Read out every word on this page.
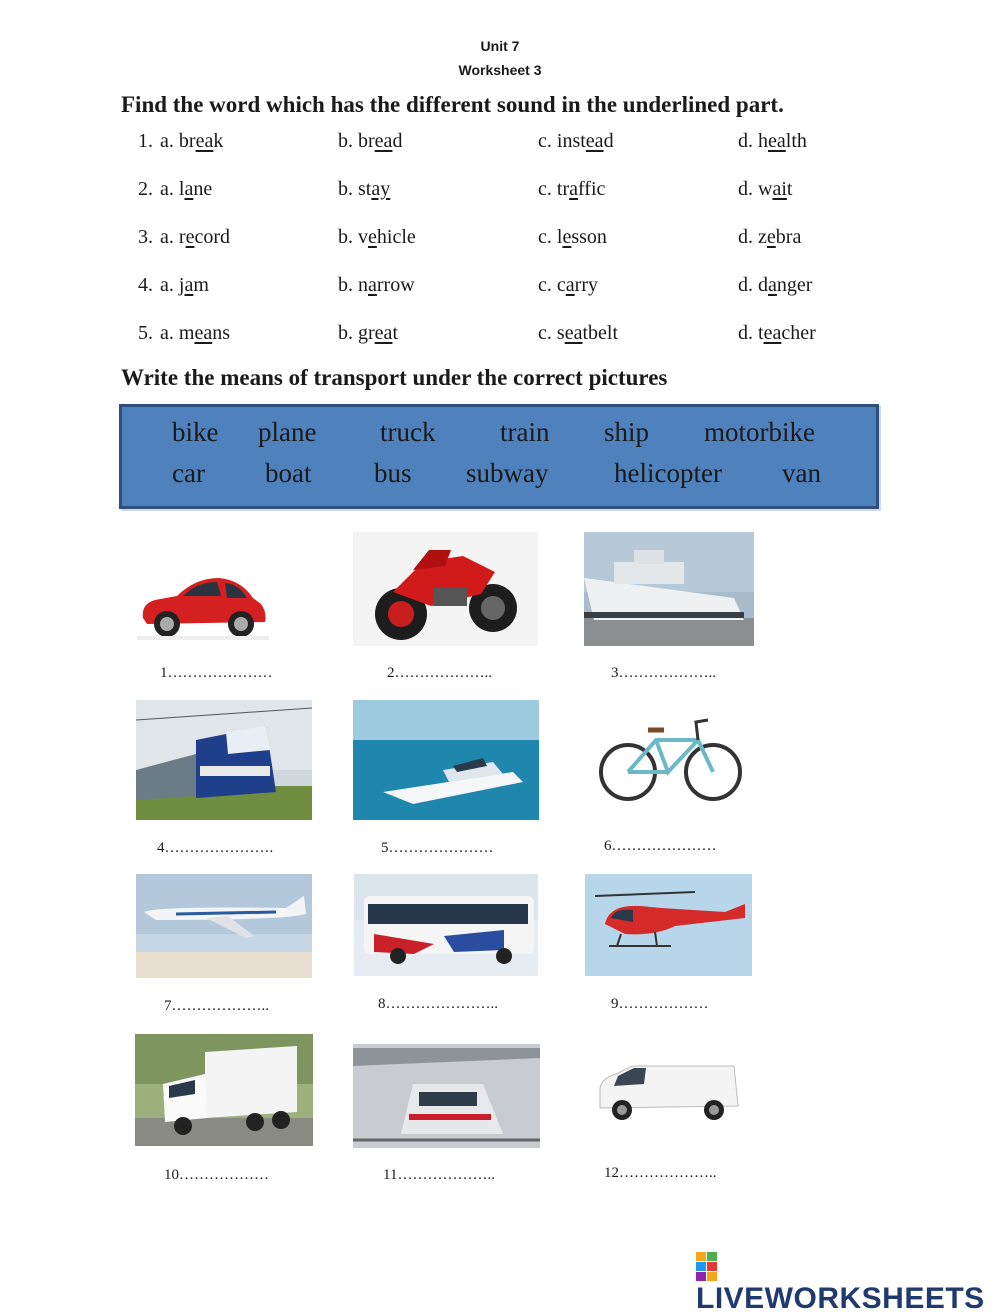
Unit 7
Worksheet 3
Find the word which has the different sound in the underlined part.
1. a. break	b. bread	c. instead	d. health
2. a. lane	b. stay	c. traffic	d. wait
3. a. record	b. vehicle	c. lesson	d. zebra
4. a. jam	b. narrow	c. carry	d. danger
5. a. means	b. great	c. seatbelt	d. teacher
Write the means of transport under the correct pictures
bike plane truck train ship motorbike
car boat bus subway helicopter van
1…………………	2………………..	3………………..
4………………….	5…………………	6…………………
7………………..	8…………………..	9………………
10………………	11………………..	12………………..
LIVEWORKSHEETS
